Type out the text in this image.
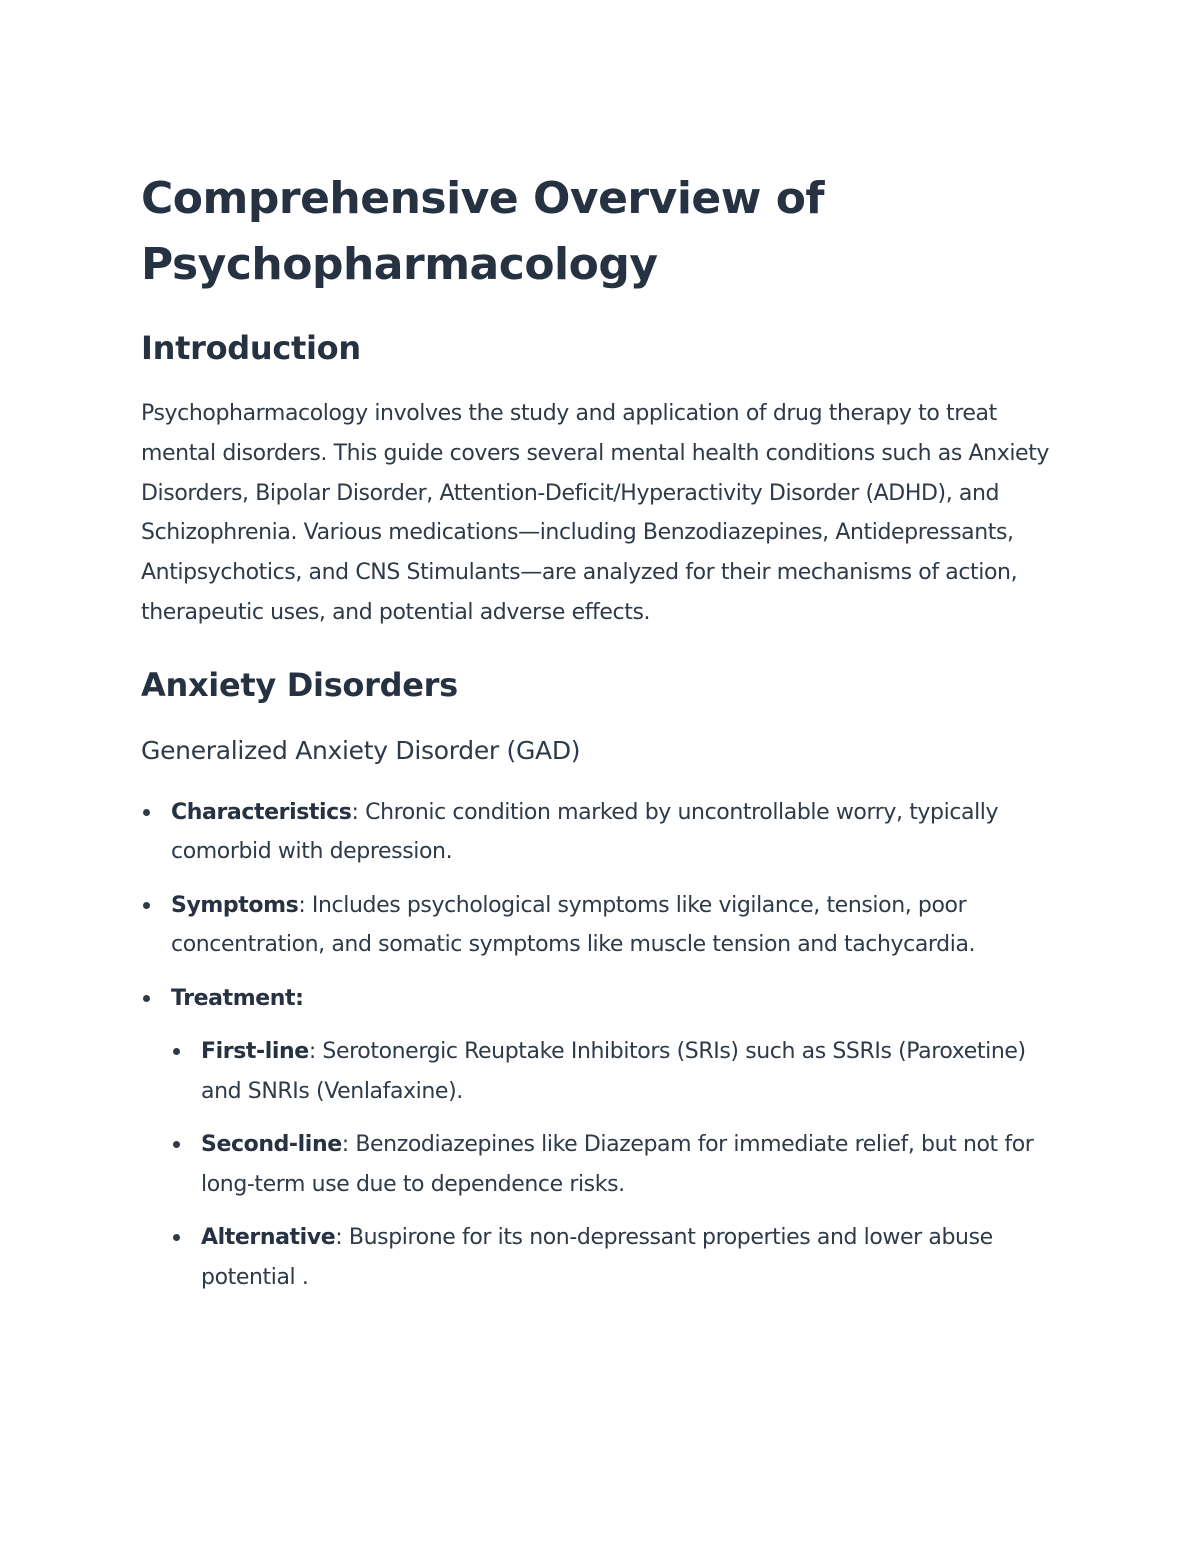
Comprehensive Overview of Psychopharmacology
Introduction

Psychopharmacology involves the study and application of drug therapy to treat mental disorders. This guide covers several mental health conditions such as Anxiety Disorders, Bipolar Disorder, Attention-Deficit/Hyperactivity Disorder (ADHD), and Schizophrenia. Various medications—including Benzodiazepines, Antidepressants, Antipsychotics, and CNS Stimulants—are analyzed for their mechanisms of action, therapeutic uses, and potential adverse effects.

Anxiety Disorders
Generalized Anxiety Disorder (GAD)
Characteristics: Chronic condition marked by uncontrollable worry, typically comorbid with depression.
Symptoms: Includes psychological symptoms like vigilance, tension, poor concentration, and somatic symptoms like muscle tension and tachycardia.
Treatment:
First-line: Serotonergic Reuptake Inhibitors (SRIs) such as SSRIs (Paroxetine) and SNRIs (Venlafaxine).
Second-line: Benzodiazepines like Diazepam for immediate relief, but not for long-term use due to dependence risks.
Alternative: Buspirone for its non-depressant properties and lower abuse potential .
